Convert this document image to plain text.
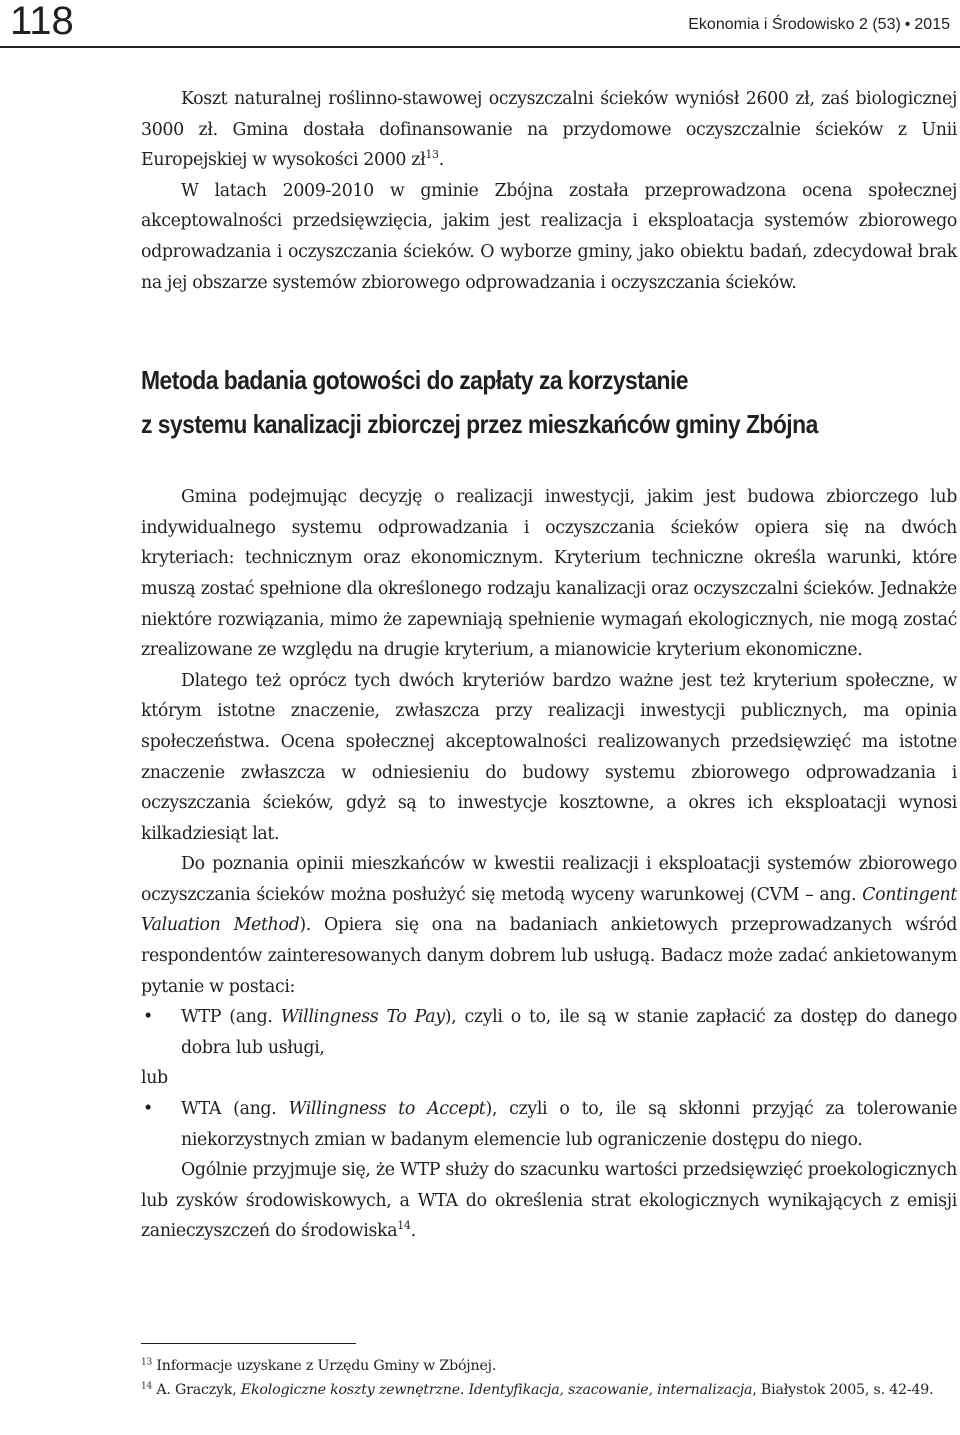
118	Ekonomia i Środowisko 2 (53) • 2015

Koszt naturalnej roślinno-stawowej oczyszczalni ścieków wyniósł 2600 zł, zaś biologicznej 3000 zł. Gmina dostała dofinansowanie na przydomowe oczyszczalnie ścieków z Unii Europejskiej w wysokości 2000 $zł^{13}$.

W latach 2009-2010 w gminie Zbójna została przeprowadzona ocena społecznej akceptowalności przedsięwzięcia, jakim jest realizacja i eksploatacja systemów zbiorowego odprowadzania i oczyszczania ścieków. O wyborze gminy, jako obiektu badań, zdecydował brak na jej obszarze systemów zbiorowego odprowadzania i oczyszczania ścieków.

Metoda badania gotowości do zapłaty za korzystanie
z systemu kanalizacji zbiorczej przez mieszkańców gminy Zbójna

Gmina podejmując decyzję o realizacji inwestycji, jakim jest budowa zbiorczego lub indywidualnego systemu odprowadzania i oczyszczania ścieków opiera się na dwóch kryteriach: technicznym oraz ekonomicznym. Kryterium techniczne określa warunki, które muszą zostać spełnione dla określonego rodzaju kanalizacji oraz oczyszczalni ścieków. Jednakże niektóre rozwiązania, mimo że zapewniają spełnienie wymagań ekologicznych, nie mogą zostać zrealizowane ze względu na drugie kryterium, a mianowicie kryterium ekonomiczne.

Dlatego też oprócz tych dwóch kryteriów bardzo ważne jest też kryterium społeczne, w którym istotne znaczenie, zwłaszcza przy realizacji inwestycji publicznych, ma opinia społeczeństwa. Ocena społecznej akceptowalności realizowanych przedsięwzięć ma istotne znaczenie zwłaszcza w odniesieniu do budowy systemu zbiorowego odprowadzania i oczyszczania ścieków, gdyż są to inwestycje kosztowne, a okres ich eksploatacji wynosi kilkadziesiąt lat.

Do poznania opinii mieszkańców w kwestii realizacji i eksploatacji systemów zbiorowego oczyszczania ścieków można posłużyć się metodą wyceny warunkowej (CVM – ang. Contingent Valuation Method). Opiera się ona na badaniach ankietowych przeprowadzanych wśród respondentów zainteresowanych danym dobrem lub usługą. Badacz może zadać ankietowanym pytanie w postaci:

• WTP (ang. Willingness To Pay), czyli o to, ile są w stanie zapłacić za dostęp do danego dobra lub usługi,

lub

• WTA (ang. Willingness to Accept), czyli o to, ile są skłonni przyjąć za tolerowanie niekorzystnych zmian w badanym elemencie lub ograniczenie dostępu do niego.

Ogólnie przyjmuje się, że WTP służy do szacunku wartości przedsięwzięć proekologicznych lub zysków środowiskowych, a WTA do określenia strat ekologicznych wynikających z emisji zanieczyszczeń do środowiska$^{14}$.

$^{13}$ Informacje uzyskane z Urzędu Gminy w Zbójnej.

$^{14}$ A. Graczyk, Ekologiczne koszty zewnętrzne. Identyfikacja, szacowanie, internalizacja, Białystok 2005, s. 42-49.
